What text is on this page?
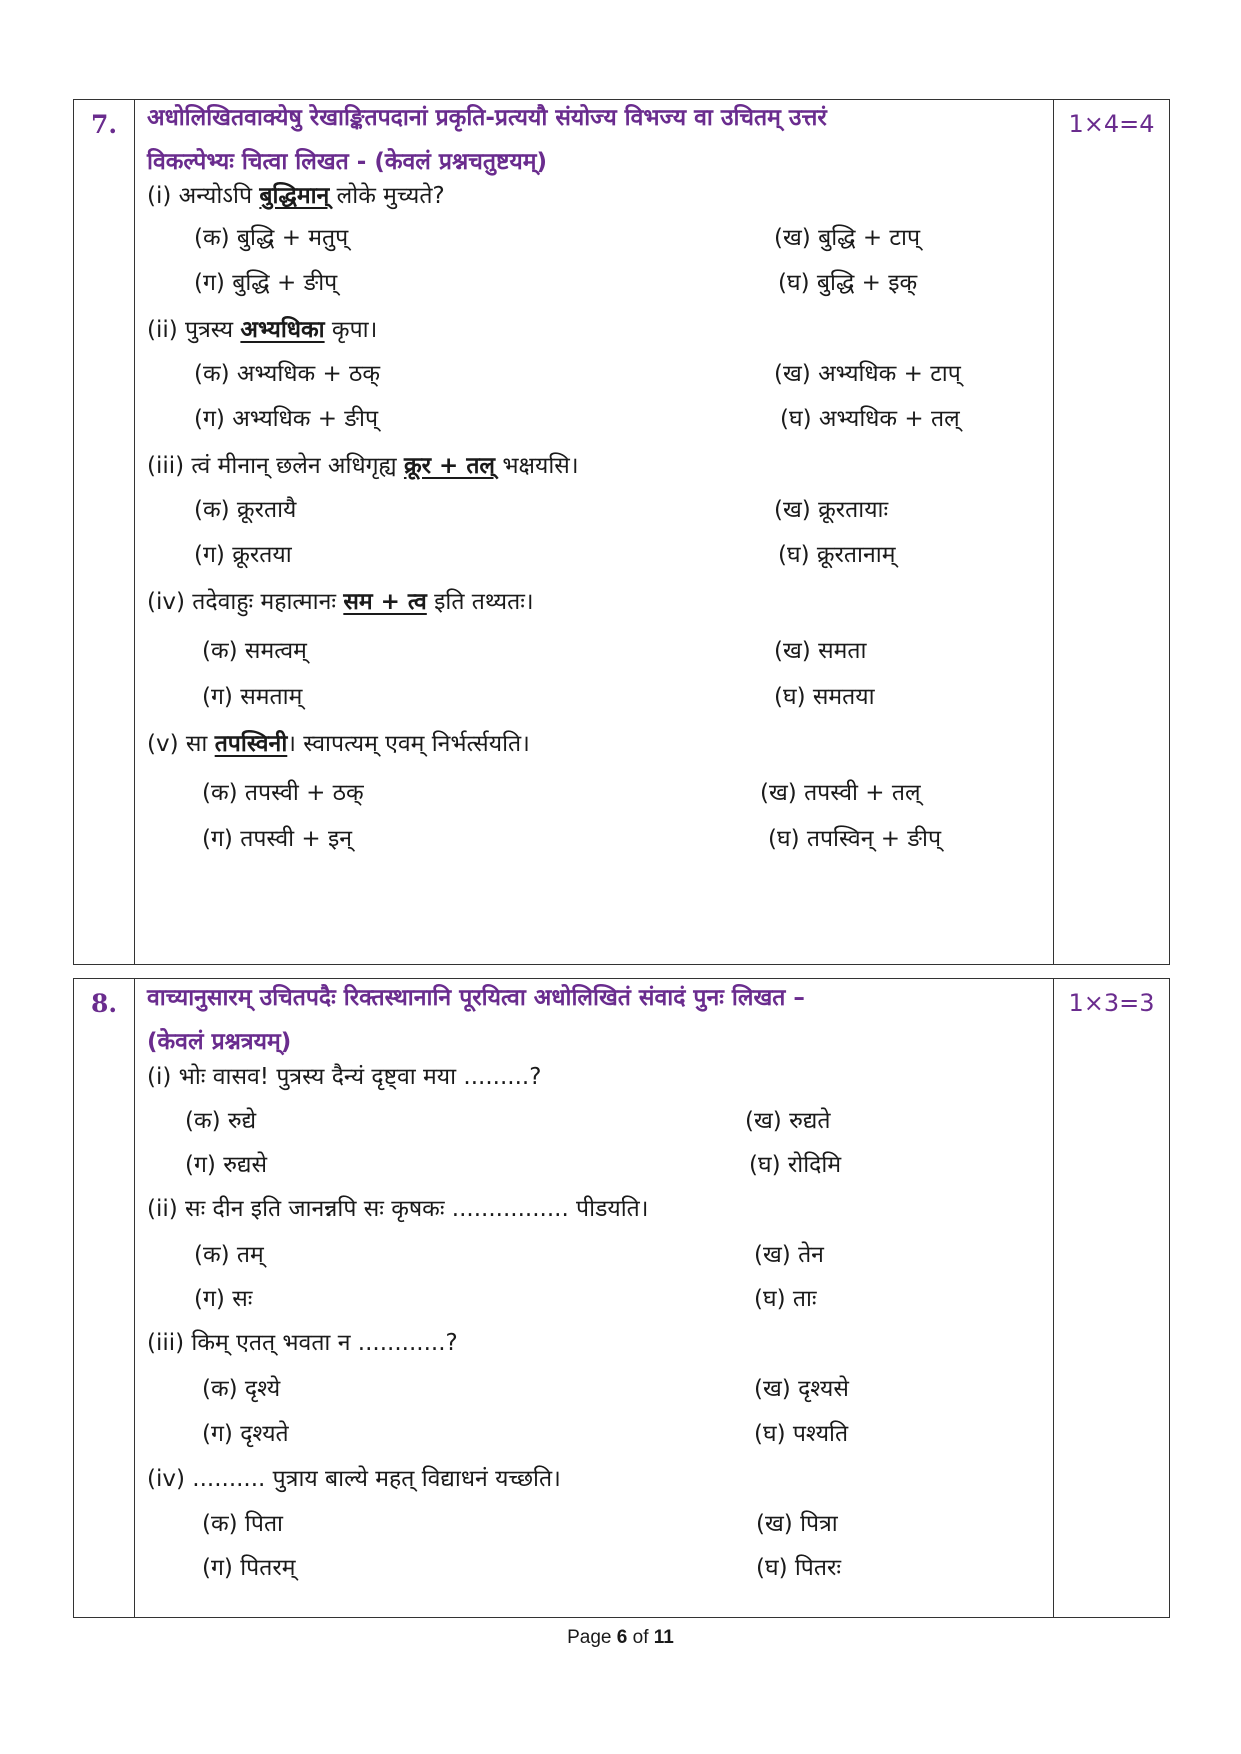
7.	1×4=4
अधोलिखितवाक्येषु रेखाङ्कितपदानां प्रकृति-प्रत्ययौ संयोज्य विभज्य वा उचितम् उत्तरं
विकल्पेभ्यः चित्वा लिखत - (केवलं प्रश्नचतुष्टयम्)
(i) अन्योऽपि बुद्धिमान् लोके मुच्यते?
(क) बुद्धि + मतुप्	(ख) बुद्धि + टाप्
(ग) बुद्धि + ङीप्	(घ) बुद्धि + इक्
(ii) पुत्रस्य अभ्यधिका कृपा।
(क) अभ्यधिक + ठक्	(ख) अभ्यधिक + टाप्
(ग) अभ्यधिक + ङीप्	(घ) अभ्यधिक + तल्
(iii) त्वं मीनान् छलेन अधिगृह्य क्रूर + तल् भक्षयसि।
(क) क्रूरतायै	(ख) क्रूरतायाः
(ग) क्रूरतया	(घ) क्रूरतानाम्
(iv) तदेवाहुः महात्मानः सम + त्व इति तथ्यतः।
(क) समत्वम्	(ख) समता
(ग) समताम्	(घ) समतया
(v) सा तपस्विनी। स्वापत्यम् एवम् निर्भर्त्सयति।
(क) तपस्वी + ठक्	(ख) तपस्वी + तल्
(ग) तपस्वी + इन्	(घ) तपस्विन् + ङीप्
8.	1×3=3
वाच्यानुसारम् उचितपदैः रिक्तस्थानानि पूरयित्वा अधोलिखितं संवादं पुनः लिखत –
(केवलं प्रश्नत्रयम्)
(i) भोः वासव! पुत्रस्य दैन्यं दृष्ट्वा मया .........?
(क) रुद्ये	(ख) रुद्यते
(ग) रुद्यसे	(घ) रोदिमि
(ii) सः दीन इति जानन्नपि सः कृषकः ................ पीडयति।
(क) तम्	(ख) तेन
(ग) सः	(घ) ताः
(iii) किम् एतत् भवता न ............?
(क) दृश्ये	(ख) दृश्यसे
(ग) दृश्यते	(घ) पश्यति
(iv) .......... पुत्राय बाल्ये महत् विद्याधनं यच्छति।
(क) पिता	(ख) पित्रा
(ग) पितरम्	(घ) पितरः
Page 6 of 11
